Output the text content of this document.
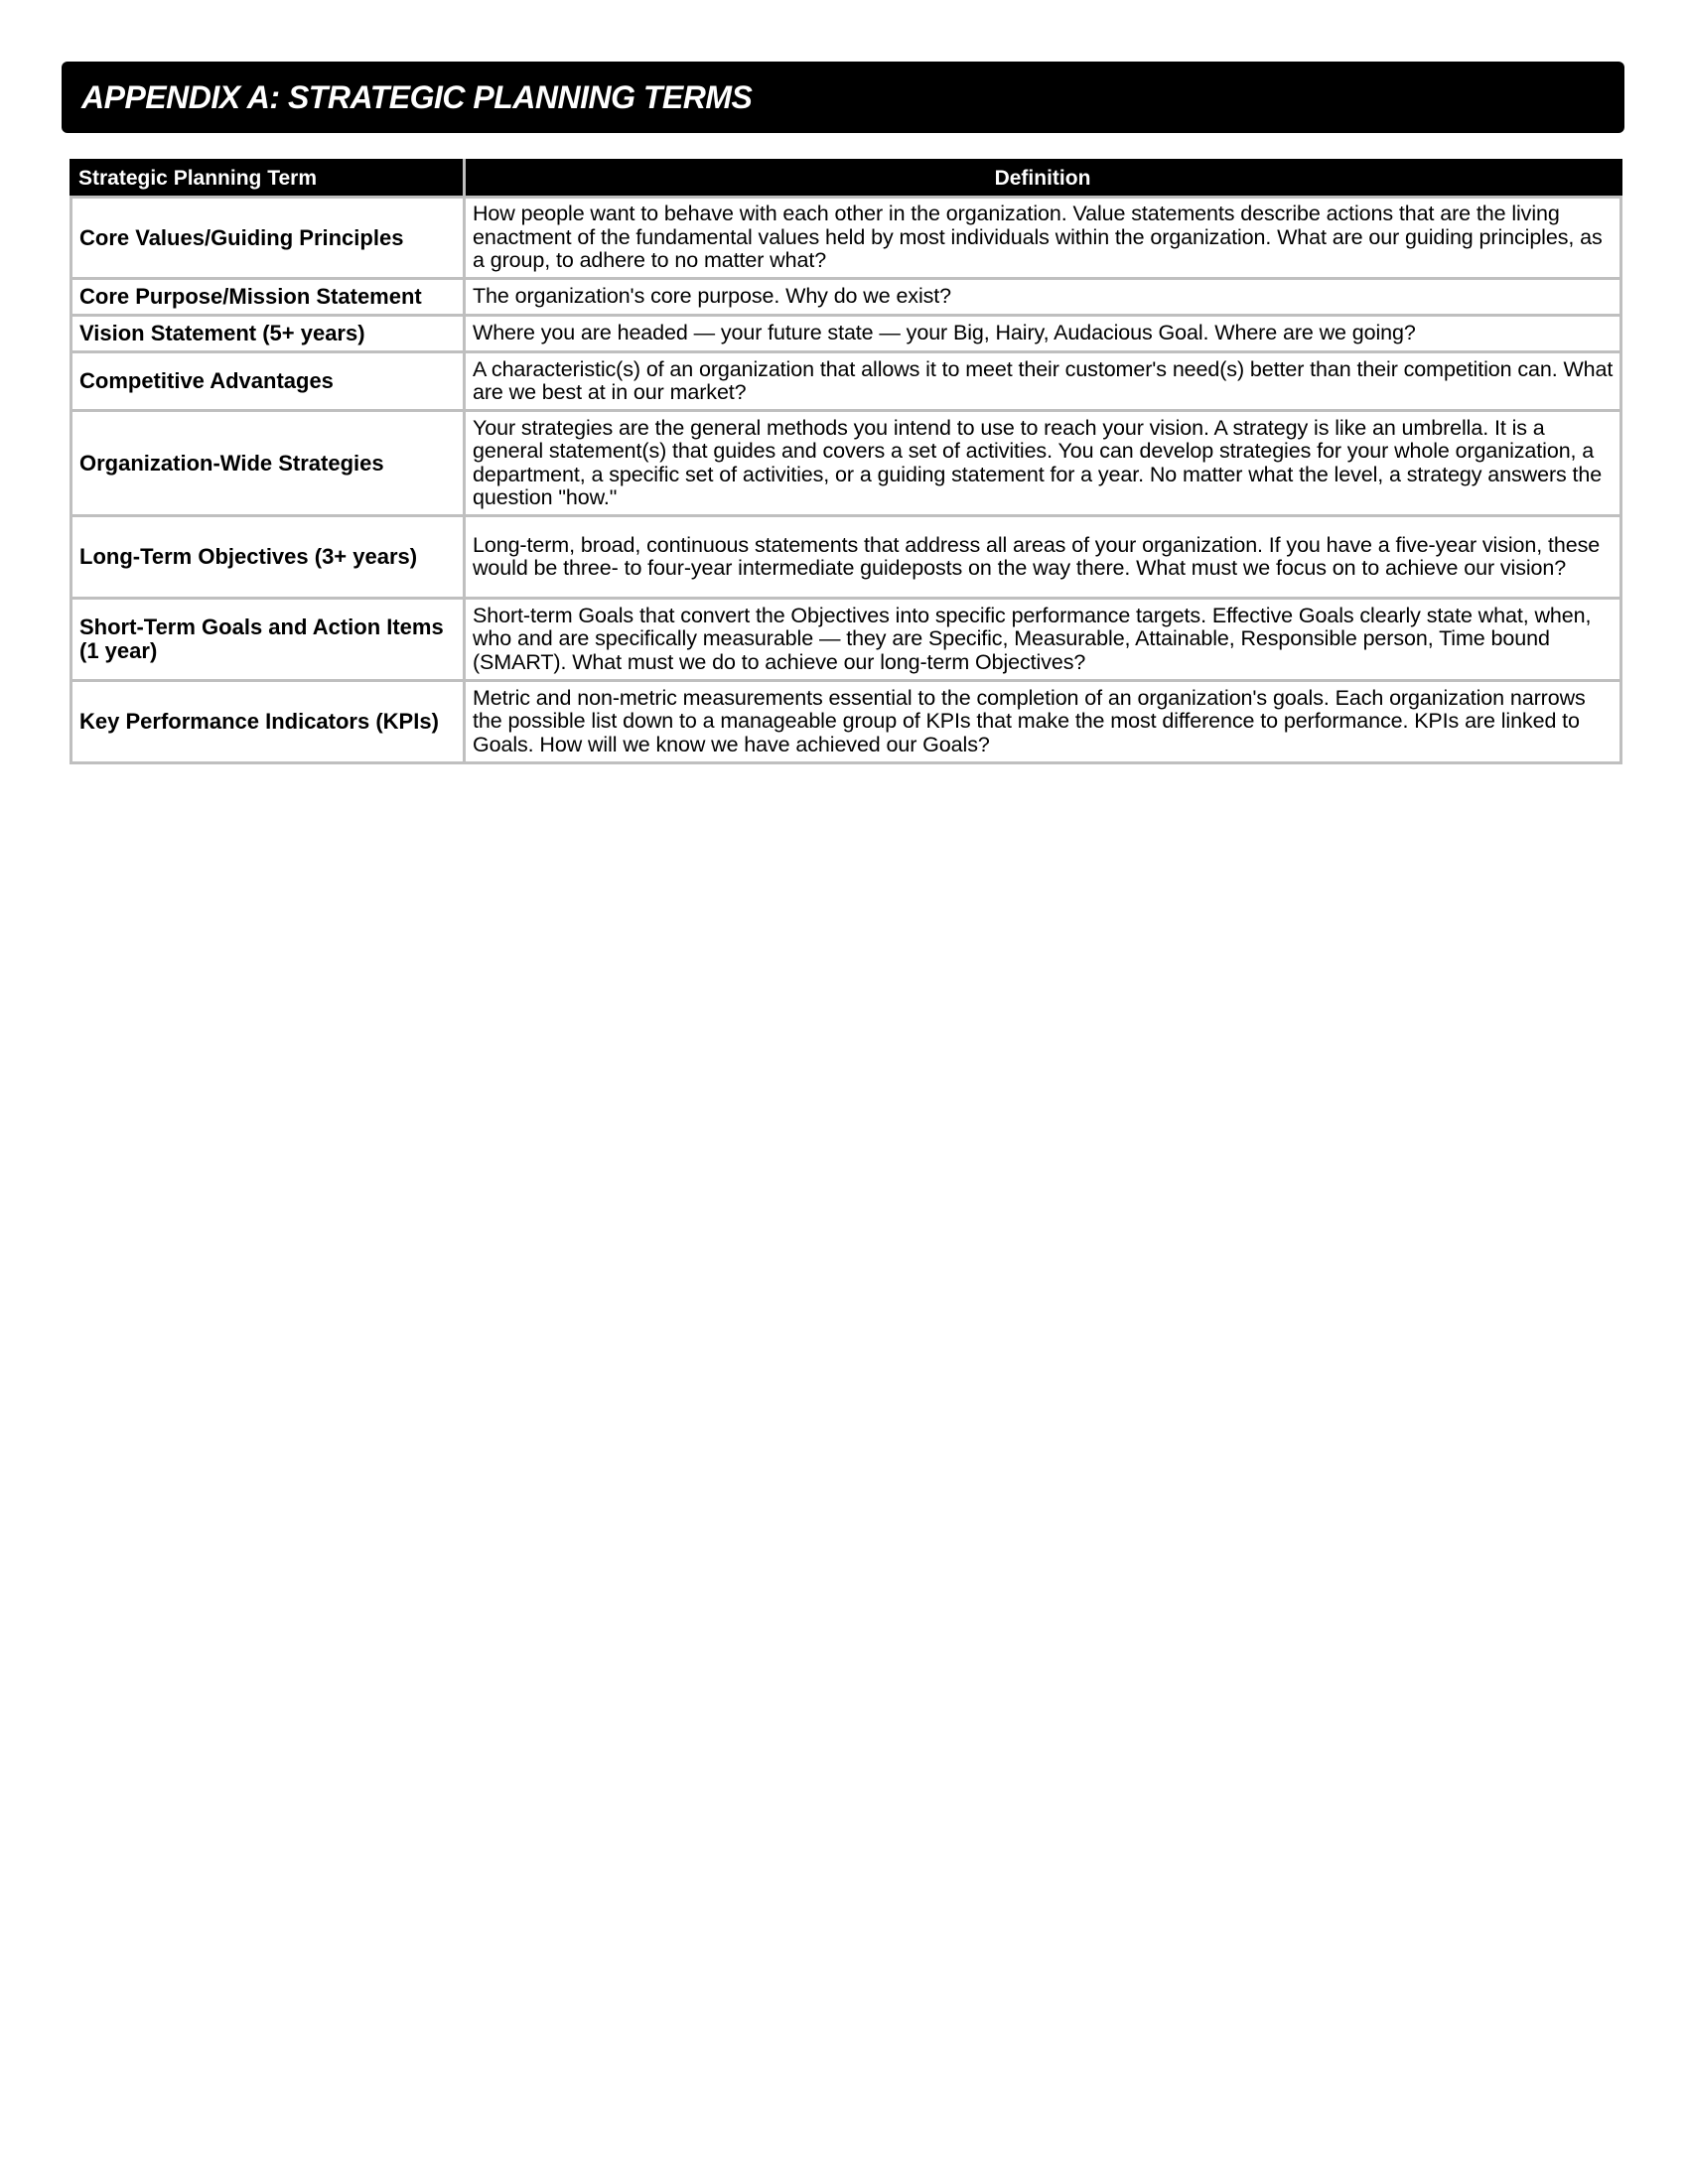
APPENDIX A: STRATEGIC PLANNING TERMS
Strategic Planning Term	Definition
Core Values/Guiding Principles	How people want to behave with each other in the organization. Value statements describe actions that are the living enactment of the fundamental values held by most individuals within the organization. What are our guiding principles, as a group, to adhere to no matter what?
Core Purpose/Mission Statement	The organization's core purpose. Why do we exist?
Vision Statement (5+ years)	Where you are headed — your future state — your Big, Hairy, Audacious Goal. Where are we going?
Competitive Advantages	A characteristic(s) of an organization that allows it to meet their customer's need(s) better than their competition can. What are we best at in our market?
Organization-Wide Strategies	Your strategies are the general methods you intend to use to reach your vision. A strategy is like an umbrella. It is a general statement(s) that guides and covers a set of activities. You can develop strategies for your whole organization, a department, a specific set of activities, or a guiding statement for a year. No matter what the level, a strategy answers the question "how."
Long-Term Objectives (3+ years)	Long-term, broad, continuous statements that address all areas of your organization. If you have a five-year vision, these would be three- to four-year intermediate guideposts on the way there. What must we focus on to achieve our vision?
Short-Term Goals and Action Items (1 year)	Short-term Goals that convert the Objectives into specific performance targets. Effective Goals clearly state what, when, who and are specifically measurable — they are Specific, Measurable, Attainable, Responsible person, Time bound (SMART). What must we do to achieve our long-term Objectives?
Key Performance Indicators (KPIs)	Metric and non-metric measurements essential to the completion of an organization's goals. Each organization narrows the possible list down to a manageable group of KPIs that make the most difference to performance. KPIs are linked to Goals. How will we know we have achieved our Goals?
